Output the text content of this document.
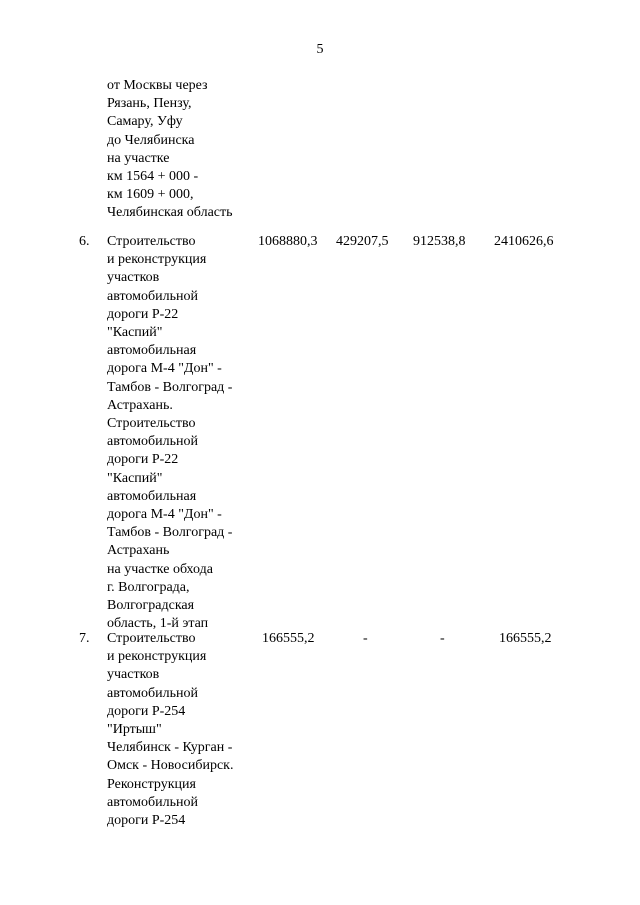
5
от Москвы через
Рязань, Пензу,
Самару, Уфу
до Челябинска
на участке
км 1564 + 000 -
км 1609 + 000,
Челябинская область
6. Строительство
и реконструкция
участков
автомобильной
дороги Р-22
"Каспий"
автомобильная
дорога М-4 "Дон" -
Тамбов - Волгоград -
Астрахань.
Строительство
автомобильной
дороги Р-22
"Каспий"
автомобильная
дорога М-4 "Дон" -
Тамбов - Волгоград -
Астрахань
на участке обхода
г. Волгограда,
Волгоградская
область, 1-й этап
1068880,3 429207,5 912538,8 2410626,6
7. Строительство
и реконструкция
участков
автомобильной
дороги Р-254
"Иртыш"
Челябинск - Курган -
Омск - Новосибирск.
Реконструкция
автомобильной
дороги Р-254
166555,2	-	-	166555,2
